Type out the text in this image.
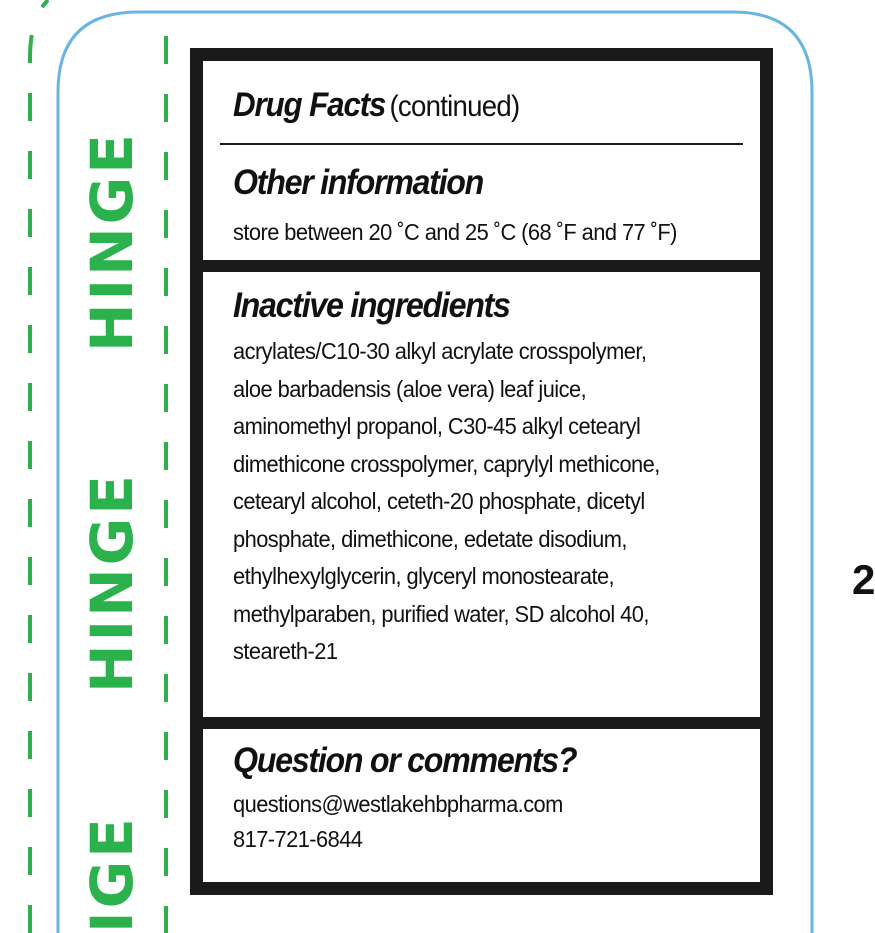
HINGE
HINGE
IGE
Drug Facts (continued)
Other information
store between 20 ˚C and 25 ˚C (68 ˚F and 77 ˚F)
Inactive ingredients
acrylates/C10-30 alkyl acrylate crosspolymer,
aloe barbadensis (aloe vera) leaf juice,
aminomethyl propanol, C30-45 alkyl cetearyl
dimethicone crosspolymer, caprylyl methicone,
cetearyl alcohol, ceteth-20 phosphate, dicetyl
phosphate, dimethicone, edetate disodium,
ethylhexylglycerin, glyceryl monostearate,
methylparaben, purified water, SD alcohol 40,
steareth-21
Question or comments?
questions@westlakehbpharma.com
817-721-6844
2
